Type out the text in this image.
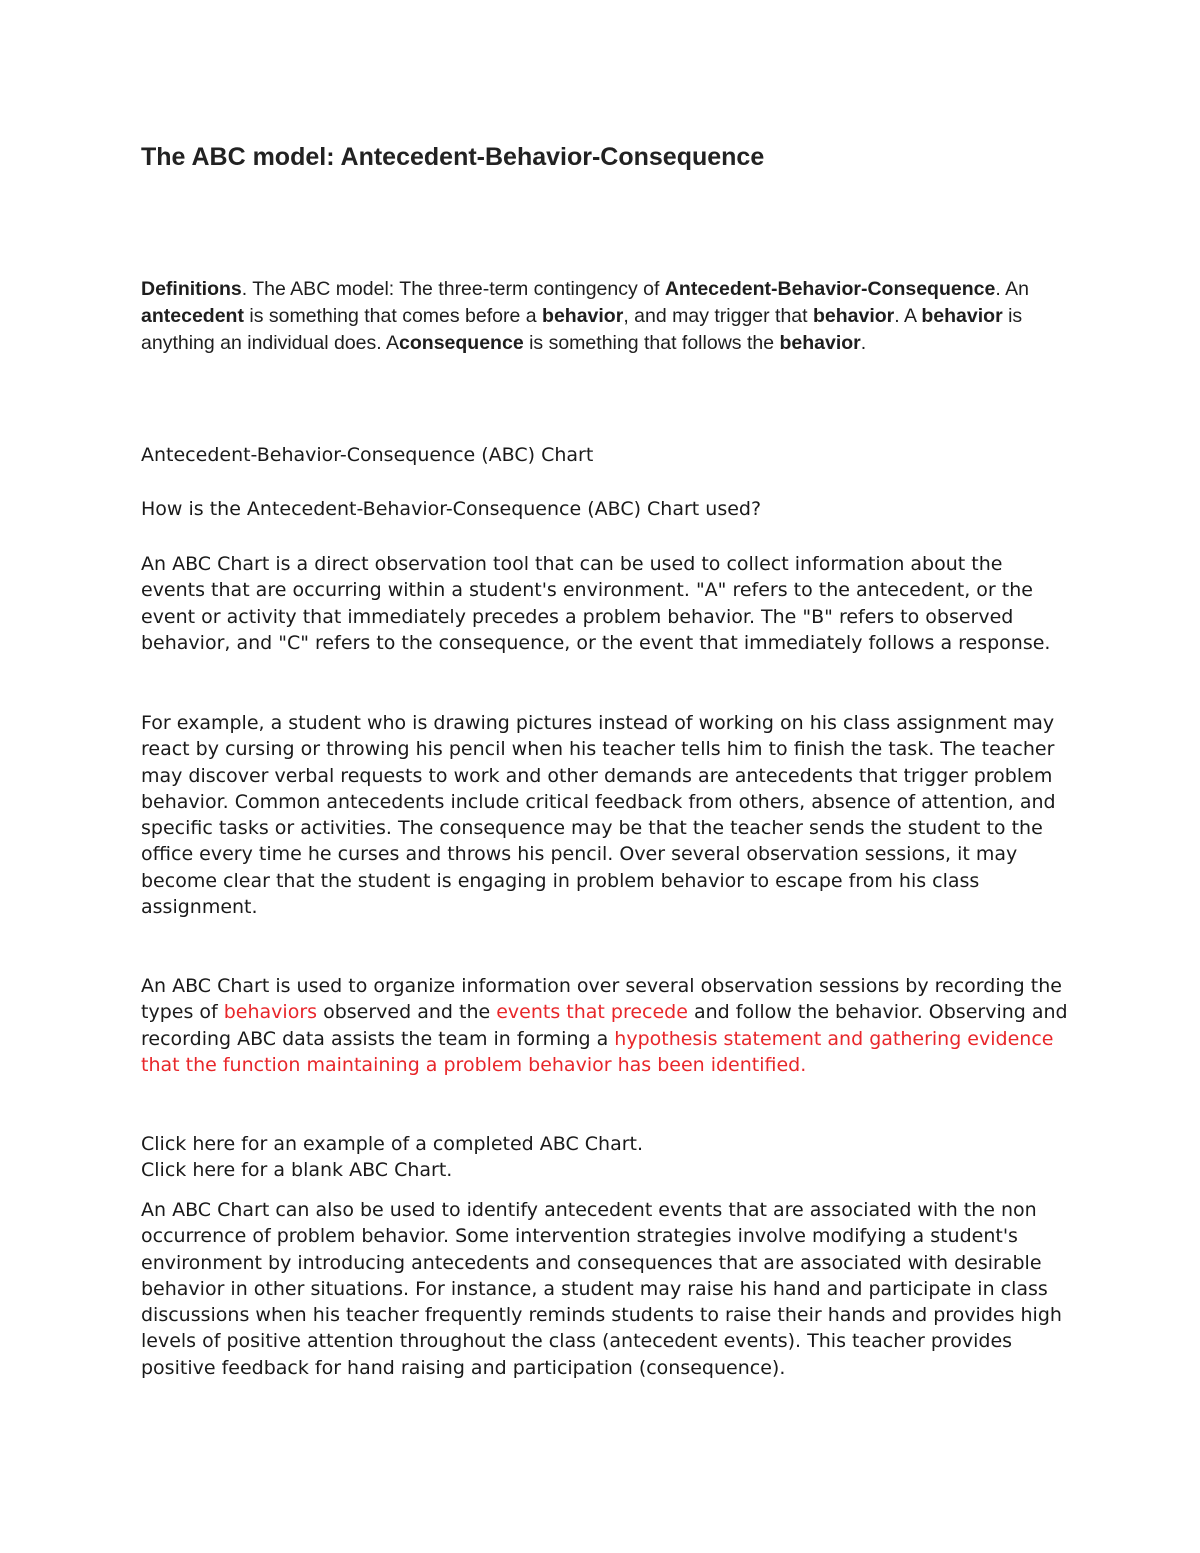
The ABC model: Antecedent-Behavior-Consequence

Definitions. The ABC model: The three-term contingency of Antecedent-Behavior-Consequence. An antecedent is something that comes before a behavior, and may trigger that behavior. A behavior is anything an individual does. Aconsequence is something that follows the behavior.

Antecedent-Behavior-Consequence (ABC) Chart

How is the Antecedent-Behavior-Consequence (ABC) Chart used?

An ABC Chart is a direct observation tool that can be used to collect information about the events that are occurring within a student's environment. "A" refers to the antecedent, or the event or activity that immediately precedes a problem behavior. The "B" refers to observed behavior, and "C" refers to the consequence, or the event that immediately follows a response.

For example, a student who is drawing pictures instead of working on his class assignment may react by cursing or throwing his pencil when his teacher tells him to finish the task. The teacher may discover verbal requests to work and other demands are antecedents that trigger problem behavior. Common antecedents include critical feedback from others, absence of attention, and specific tasks or activities. The consequence may be that the teacher sends the student to the office every time he curses and throws his pencil. Over several observation sessions, it may become clear that the student is engaging in problem behavior to escape from his class assignment.

An ABC Chart is used to organize information over several observation sessions by recording the types of behaviors observed and the events that precede and follow the behavior. Observing and recording ABC data assists the team in forming a hypothesis statement and gathering evidence that the function maintaining a problem behavior has been identified.

Click here for an example of a completed ABC Chart.

Click here for a blank ABC Chart.

An ABC Chart can also be used to identify antecedent events that are associated with the non occurrence of problem behavior. Some intervention strategies involve modifying a student's environment by introducing antecedents and consequences that are associated with desirable behavior in other situations. For instance, a student may raise his hand and participate in class discussions when his teacher frequently reminds students to raise their hands and provides high levels of positive attention throughout the class (antecedent events). This teacher provides positive feedback for hand raising and participation (consequence).
